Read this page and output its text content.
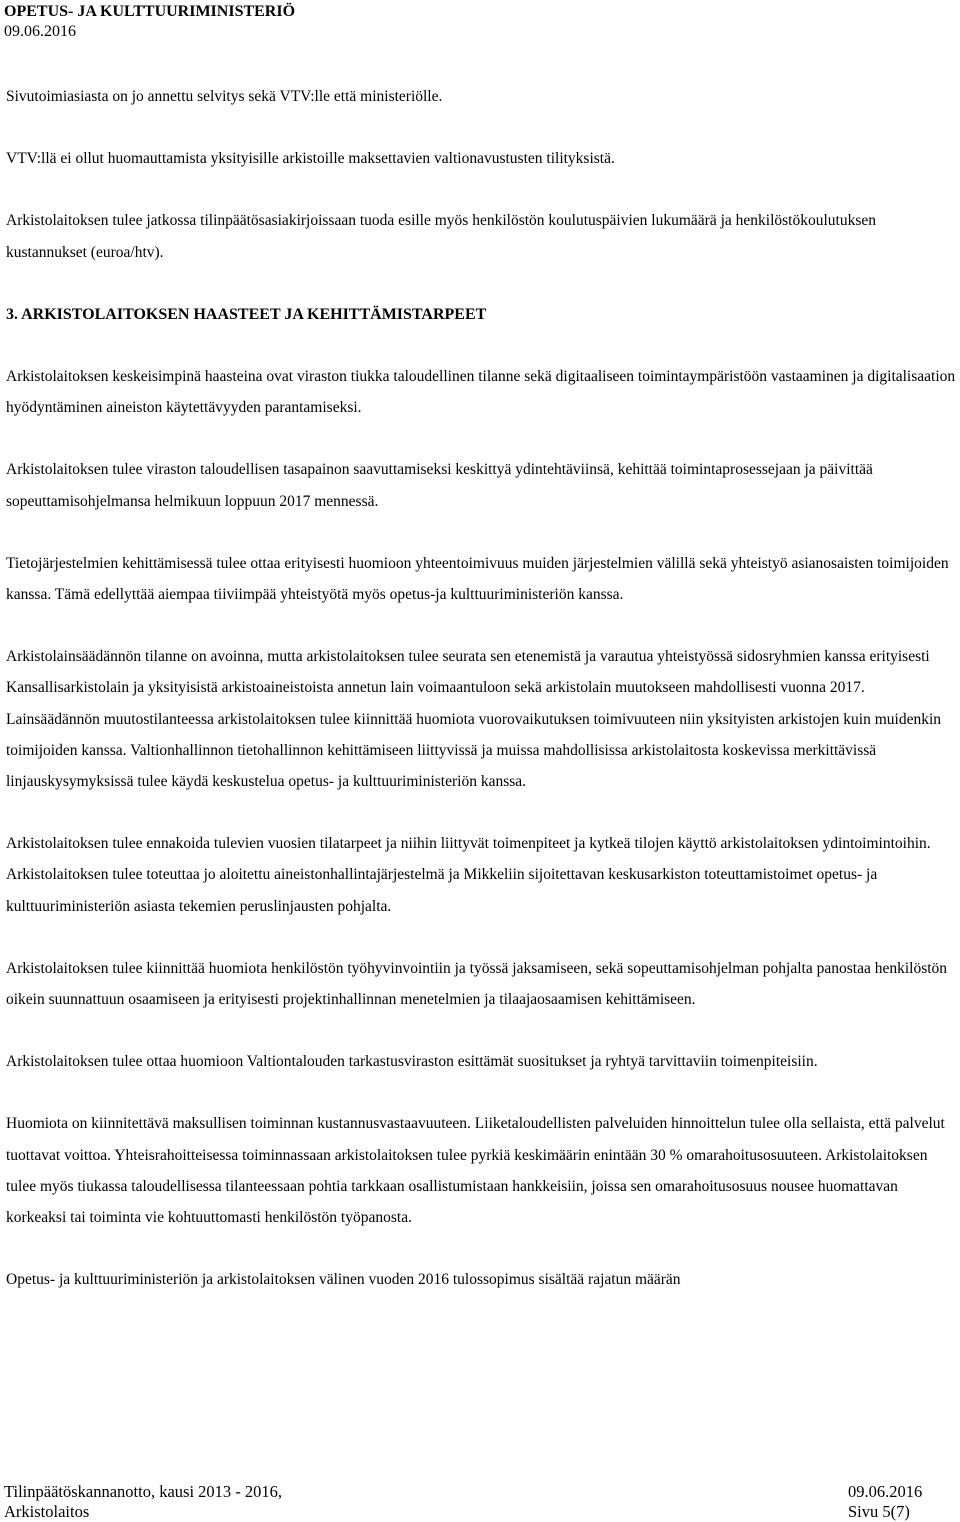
OPETUS- JA KULTTUURIMINISTERIÖ
09.06.2016

Sivutoimiasiasta on jo annettu selvitys sekä VTV:lle että ministeriölle.

VTV:llä ei ollut huomauttamista yksityisille arkistoille maksettavien valtionavustusten tilityksistä.

Arkistolaitoksen tulee jatkossa tilinpäätösasiakirjoissaan tuoda esille myös henkilöstön koulutuspäivien lukumäärä ja henkilöstökoulutuksen kustannukset (euroa/htv).

3. ARKISTOLAITOKSEN HAASTEET JA KEHITTÄMISTARPEET

Arkistolaitoksen keskeisimpinä haasteina ovat viraston tiukka taloudellinen tilanne sekä digitaaliseen toimintaympäristöön vastaaminen ja digitalisaation hyödyntäminen aineiston käytettävyyden parantamiseksi.

Arkistolaitoksen tulee viraston taloudellisen tasapainon saavuttamiseksi keskittyä ydintehtäviinsä, kehittää toimintaprosessejaan ja päivittää sopeuttamisohjelmansa helmikuun loppuun 2017 mennessä.

Tietojärjestelmien kehittämisessä tulee ottaa erityisesti huomioon yhteentoimivuus muiden järjestelmien välillä sekä yhteistyö asianosaisten toimijoiden kanssa. Tämä edellyttää aiempaa tiiviimpää yhteistyötä myös opetus-ja kulttuuriministeriön kanssa.

Arkistolainsäädännön tilanne on avoinna, mutta arkistolaitoksen tulee seurata sen etenemistä ja varautua yhteistyössä sidosryhmien kanssa erityisesti Kansallisarkistolain ja yksityisistä arkistoaineistoista annetun lain voimaantuloon sekä arkistolain muutokseen mahdollisesti vuonna 2017. Lainsäädännön muutostilanteessa arkistolaitoksen tulee kiinnittää huomiota vuorovaikutuksen toimivuuteen niin yksityisten arkistojen kuin muidenkin toimijoiden kanssa. Valtionhallinnon tietohallinnon kehittämiseen liittyvissä ja muissa mahdollisissa arkistolaitosta koskevissa merkittävissä linjauskysymyksissä tulee käydä keskustelua opetus- ja kulttuuriministeriön kanssa.

Arkistolaitoksen tulee ennakoida tulevien vuosien tilatarpeet ja niihin liittyvät toimenpiteet ja kytkeä tilojen käyttö arkistolaitoksen ydintoimintoihin. Arkistolaitoksen tulee toteuttaa jo aloitettu aineistonhallintajärjestelmä ja Mikkeliin sijoitettavan keskusarkiston toteuttamistoimet opetus- ja kulttuuriministeriön asiasta tekemien peruslinjausten pohjalta.

Arkistolaitoksen tulee kiinnittää huomiota henkilöstön työhyvinvointiin ja työssä jaksamiseen, sekä sopeuttamisohjelman pohjalta panostaa henkilöstön oikein suunnattuun osaamiseen ja erityisesti projektinhallinnan menetelmien ja tilaajaosaamisen kehittämiseen.

Arkistolaitoksen tulee ottaa huomioon Valtiontalouden tarkastusviraston esittämät suositukset ja ryhtyä tarvittaviin toimenpiteisiin.

Huomiota on kiinnitettävä maksullisen toiminnan kustannusvastaavuuteen. Liiketaloudellisten palveluiden hinnoittelun tulee olla sellaista, että palvelut tuottavat voittoa. Yhteisrahoitteisessa toiminnassaan arkistolaitoksen tulee pyrkiä keskimäärin enintään 30 % omarahoitusosuuteen. Arkistolaitoksen tulee myös tiukassa taloudellisessa tilanteessaan pohtia tarkkaan osallistumistaan hankkeisiin, joissa sen omarahoitusosuus nousee huomattavan korkeaksi tai toiminta vie kohtuuttomasti henkilöstön työpanosta.

Opetus- ja kulttuuriministeriön ja arkistolaitoksen välinen vuoden 2016 tulossopimus sisältää rajatun määrän

Tilinpäätöskannanotto, kausi 2013 - 2016,	09.06.2016
Arkistolaitos	Sivu 5(7)
